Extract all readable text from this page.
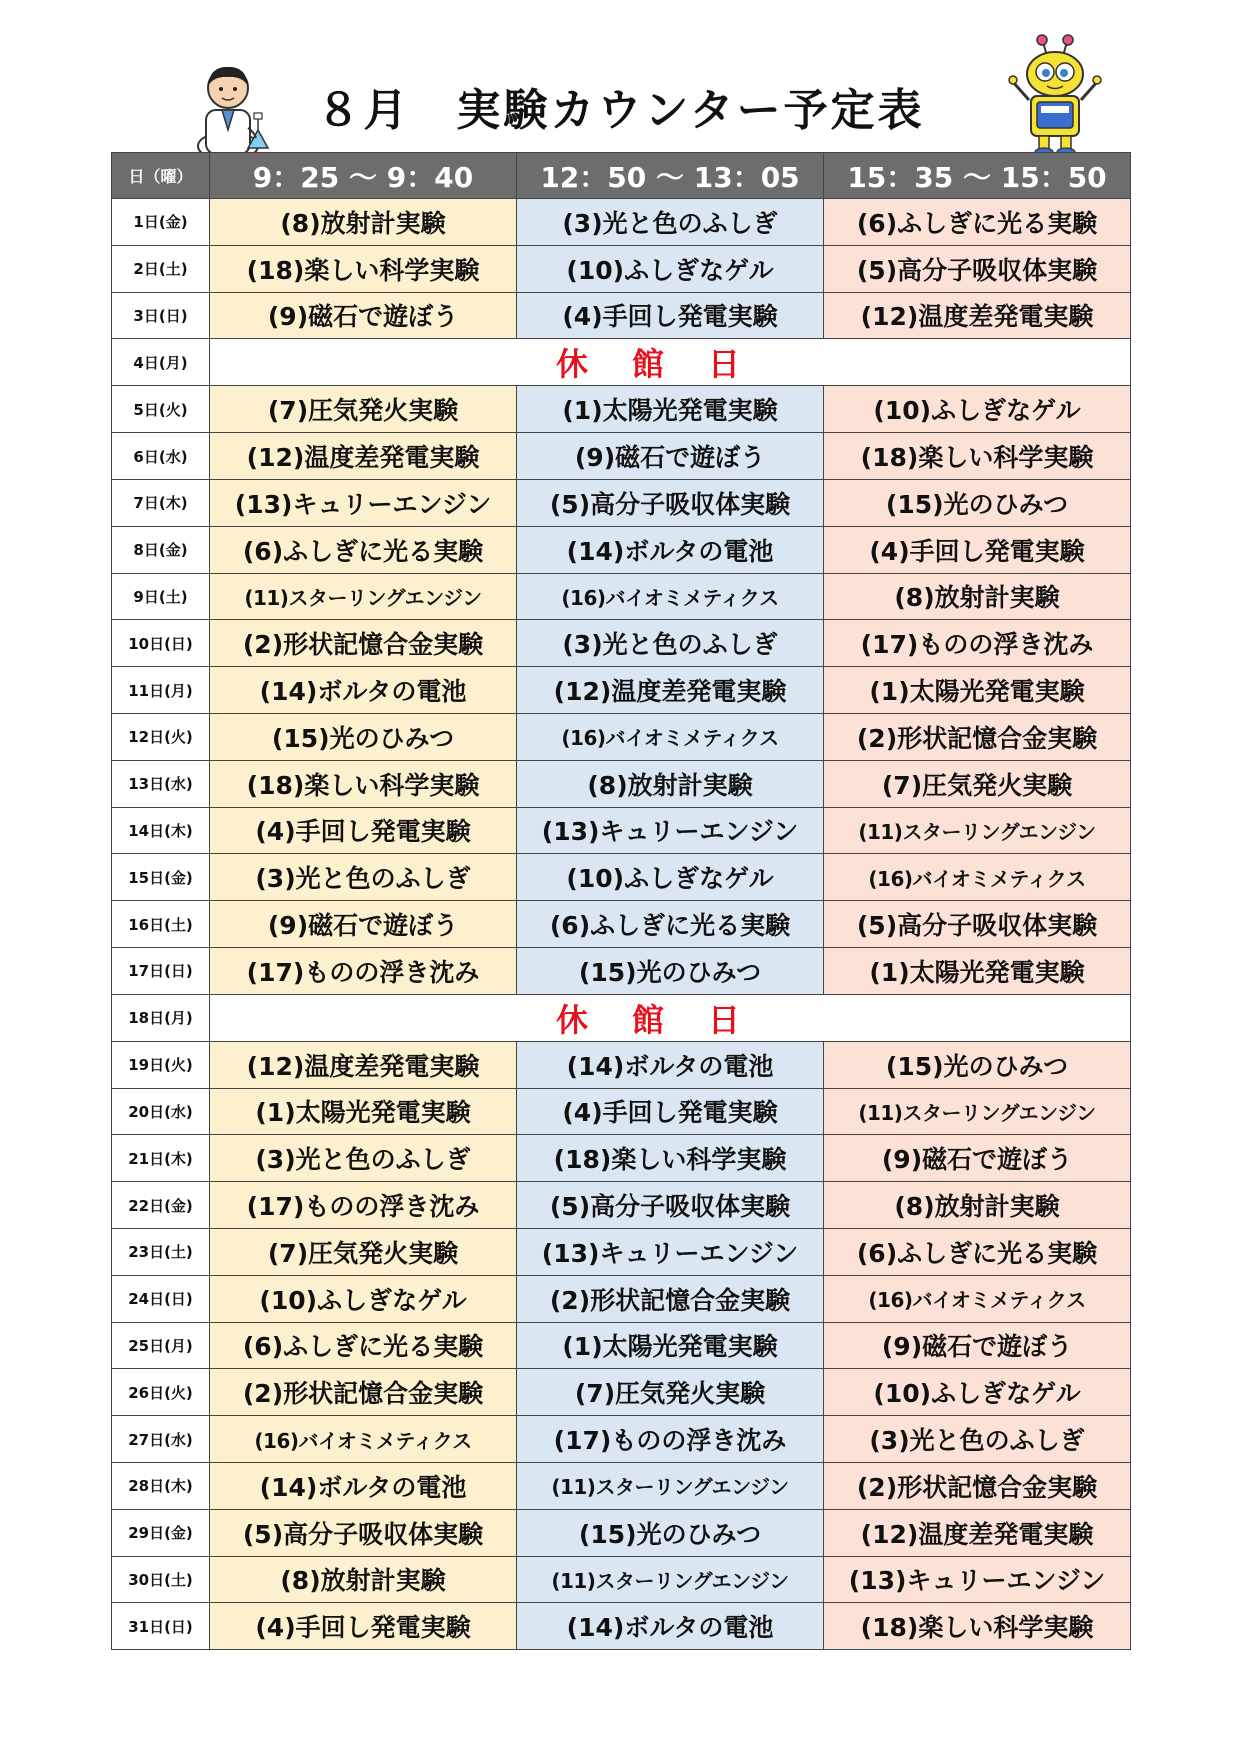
８月 実験カウンター予定表
日（曜）	9：25 ～ 9：40	12：50 ～ 13：05	15：35 ～ 15：50
1日(金)	(8)放射計実験	(3)光と色のふしぎ	(6)ふしぎに光る実験
2日(土)	(18)楽しい科学実験	(10)ふしぎなゲル	(5)高分子吸収体実験
3日(日)	(9)磁石で遊ぼう	(4)手回し発電実験	(12)温度差発電実験
4日(月)	休館日		
5日(火)	(7)圧気発火実験	(1)太陽光発電実験	(10)ふしぎなゲル
6日(水)	(12)温度差発電実験	(9)磁石で遊ぼう	(18)楽しい科学実験
7日(木)	(13)キュリーエンジン	(5)高分子吸収体実験	(15)光のひみつ
8日(金)	(6)ふしぎに光る実験	(14)ボルタの電池	(4)手回し発電実験
9日(土)	(11)スターリングエンジン	(16)バイオミメティクス	(8)放射計実験
10日(日)	(2)形状記憶合金実験	(3)光と色のふしぎ	(17)ものの浮き沈み
11日(月)	(14)ボルタの電池	(12)温度差発電実験	(1)太陽光発電実験
12日(火)	(15)光のひみつ	(16)バイオミメティクス	(2)形状記憶合金実験
13日(水)	(18)楽しい科学実験	(8)放射計実験	(7)圧気発火実験
14日(木)	(4)手回し発電実験	(13)キュリーエンジン	(11)スターリングエンジン
15日(金)	(3)光と色のふしぎ	(10)ふしぎなゲル	(16)バイオミメティクス
16日(土)	(9)磁石で遊ぼう	(6)ふしぎに光る実験	(5)高分子吸収体実験
17日(日)	(17)ものの浮き沈み	(15)光のひみつ	(1)太陽光発電実験
18日(月)	休館日		
19日(火)	(12)温度差発電実験	(14)ボルタの電池	(15)光のひみつ
20日(水)	(1)太陽光発電実験	(4)手回し発電実験	(11)スターリングエンジン
21日(木)	(3)光と色のふしぎ	(18)楽しい科学実験	(9)磁石で遊ぼう
22日(金)	(17)ものの浮き沈み	(5)高分子吸収体実験	(8)放射計実験
23日(土)	(7)圧気発火実験	(13)キュリーエンジン	(6)ふしぎに光る実験
24日(日)	(10)ふしぎなゲル	(2)形状記憶合金実験	(16)バイオミメティクス
25日(月)	(6)ふしぎに光る実験	(1)太陽光発電実験	(9)磁石で遊ぼう
26日(火)	(2)形状記憶合金実験	(7)圧気発火実験	(10)ふしぎなゲル
27日(水)	(16)バイオミメティクス	(17)ものの浮き沈み	(3)光と色のふしぎ
28日(木)	(14)ボルタの電池	(11)スターリングエンジン	(2)形状記憶合金実験
29日(金)	(5)高分子吸収体実験	(15)光のひみつ	(12)温度差発電実験
30日(土)	(8)放射計実験	(11)スターリングエンジン	(13)キュリーエンジン
31日(日)	(4)手回し発電実験	(14)ボルタの電池	(18)楽しい科学実験
